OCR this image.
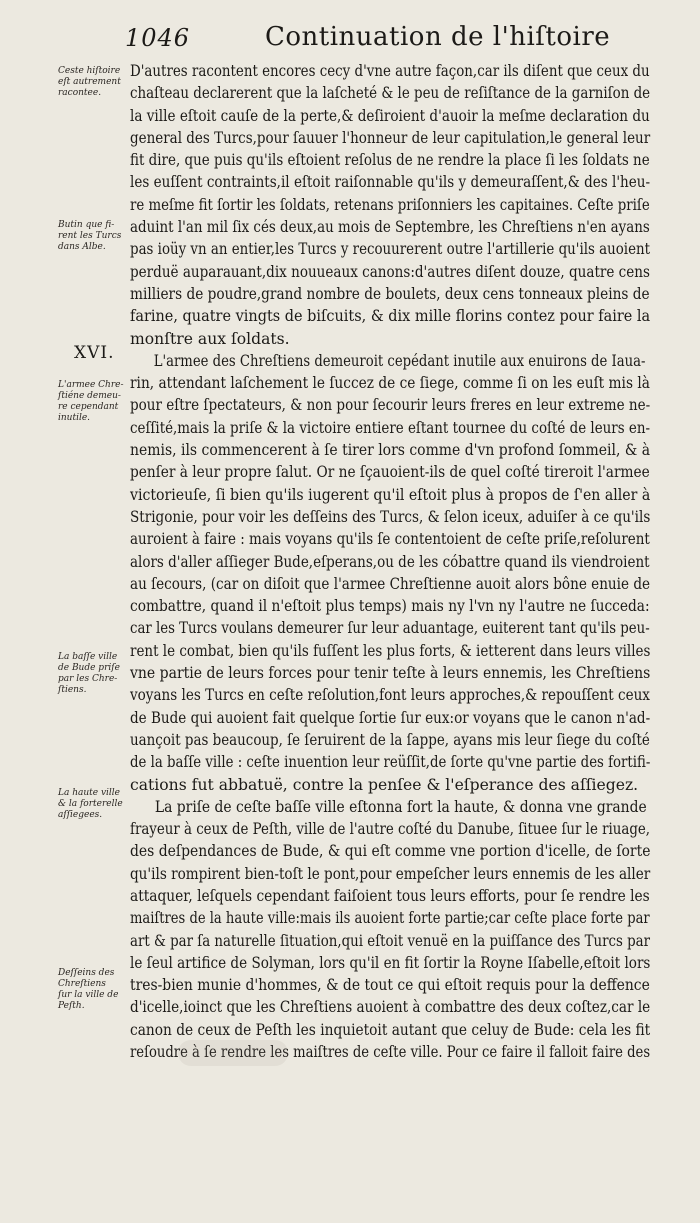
1046	Continuation de l'hiſtoire
XVI.
Ceste hiſtoire
eſt autrement
racontee.
Butin que fi-
rent les Turcs
dans Albe.
L'armee Chre-
ſtiéne demeu-
re cependant
inutile.
La baſſe ville
de Bude priſe
par les Chre-
ſtiens.
La haute ville
& la forterelle
aſſiegees.
Deſſeins des
Chreſtiens
ſur la ville de
Peſth.
D'autres racontent encores cecy d'vne autre façon,car ils diſent que ceux du
chaſteau declarerent que la laſcheté & le peu de reſiſtance de la garniſon de
la ville eſtoit cauſe de la perte,& deſiroient d'auoir la meſme declaration du
general des Turcs,pour ſauuer l'honneur de leur capitulation,le general leur
fit dire, que puis qu'ils eſtoient reſolus de ne rendre la place ſi les ſoldats ne
les euſſent contraints,il eſtoit raiſonnable qu'ils y demeuraſſent,& des l'heu-
re meſme fit ſortir les ſoldats, retenans priſonniers les capitaines. Ceſte priſe
aduint l'an mil ſix cés deux,au mois de Septembre, les Chreſtiens n'en ayans
pas ioüy vn an entier,les Turcs y recouurerent outre l'artillerie qu'ils auoient
perduë auparauant,dix nouueaux canons:d'autres diſent douze, quatre cens
milliers de poudre,grand nombre de boulets, deux cens tonneaux pleins de
farine, quatre vingts de biſcuits, & dix mille florins contez pour faire la
monſtre aux ſoldats.
L'armee des Chreſtiens demeuroit cepédant inutile aux enuirons de Iaua-
rin, attendant laſchement le ſuccez de ce ſiege, comme ſi on les euſt mis là
pour eſtre ſpectateurs, & non pour ſecourir leurs freres en leur extreme ne-
ceſſité,mais la priſe & la victoire entiere eſtant tournee du coſté de leurs en-
nemis, ils commencerent à ſe tirer lors comme d'vn profond ſommeil, & à
penſer à leur propre ſalut. Or ne ſçauoient-ils de quel coſté tireroit l'armee
victorieuſe, ſi bien qu'ils iugerent qu'il eſtoit plus à propos de ſ'en aller à
Strigonie, pour voir les deſſeins des Turcs, & ſelon iceux, aduiſer à ce qu'ils
auroient à faire : mais voyans qu'ils ſe contentoient de ceſte priſe,reſolurent
alors d'aller aſſieger Bude,eſperans,ou de les cóbattre quand ils viendroient
au ſecours, (car on diſoit que l'armee Chreſtienne auoit alors bône enuie de
combattre, quand il n'eſtoit plus temps) mais ny l'vn ny l'autre ne ſucceda:
car les Turcs voulans demeurer ſur leur aduantage, euiterent tant qu'ils peu-
rent le combat, bien qu'ils fuſſent les plus forts, & ietterent dans leurs villes
vne partie de leurs forces pour tenir teſte à leurs ennemis, les Chreſtiens
voyans les Turcs en ceſte reſolution,font leurs approches,& repouſſent ceux
de Bude qui auoient fait quelque ſortie ſur eux:or voyans que le canon n'ad-
uançoit pas beaucoup, ſe ſeruirent de la ſappe, ayans mis leur ſiege du coſté
de la baſſe ville : ceſte inuention leur reüſſit,de ſorte qu'vne partie des fortifi-
cations fut abbatuë, contre la penſee & l'eſperance des aſſiegez.
La priſe de ceſte baſſe ville eſtonna fort la haute, & donna vne grande
frayeur à ceux de Peſth, ville de l'autre coſté du Danube, ſituee ſur le riuage,
des deſpendances de Bude, & qui eſt comme vne portion d'icelle, de ſorte
qu'ils rompirent bien-toſt le pont,pour empeſcher leurs ennemis de les aller
attaquer, leſquels cependant faiſoient tous leurs efforts, pour ſe rendre les
maiſtres de la haute ville:mais ils auoient forte partie;car ceſte place forte par
art & par ſa naturelle ſituation,qui eſtoit venuë en la puiſſance des Turcs par
le ſeul artifice de Solyman, lors qu'il en fit ſortir la Royne Iſabelle,eſtoit lors
tres-bien munie d'hommes, & de tout ce qui eſtoit requis pour la deffence
d'icelle,ioinct que les Chreſtiens auoient à combattre des deux coſtez,car le
canon de ceux de Peſth les inquietoit autant que celuy de Bude: cela les fit
reſoudre à ſe rendre les maiſtres de ceſte ville. Pour ce faire il falloit faire des
